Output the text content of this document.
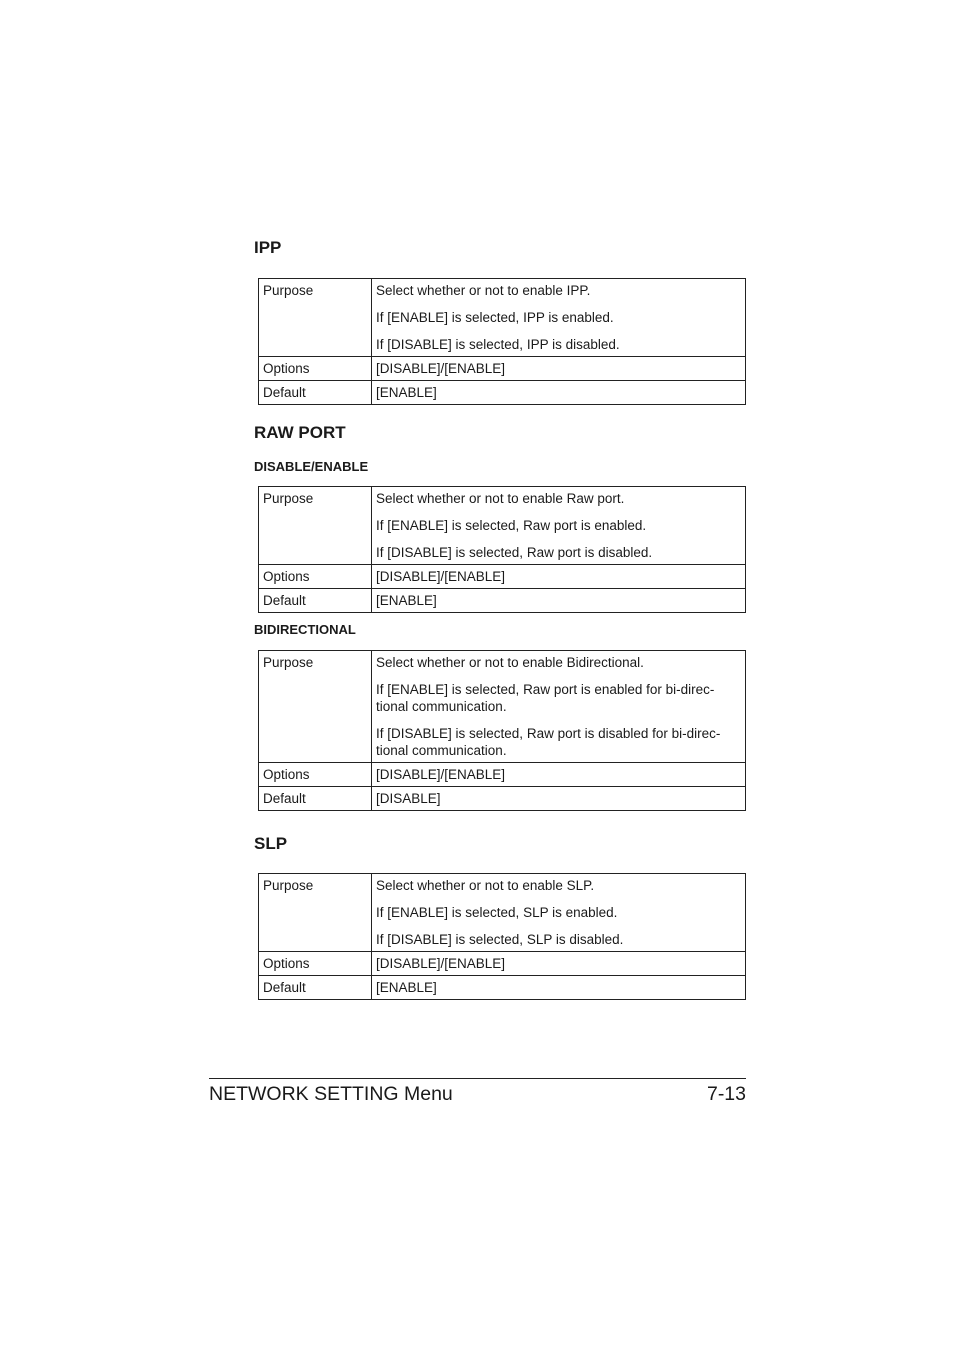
IPP
Purpose	Select whether or not to enable IPP.

If [ENABLE] is selected, IPP is enabled.

If [DISABLE] is selected, IPP is disabled.

Options	[DISABLE]/[ENABLE]
Default	[ENABLE]
RAW PORT
DISABLE/ENABLE
Purpose	Select whether or not to enable Raw port.

If [ENABLE] is selected, Raw port is enabled.

If [DISABLE] is selected, Raw port is disabled.

Options	[DISABLE]/[ENABLE]
Default	[ENABLE]
BIDIRECTIONAL
Purpose	Select whether or not to enable Bidirectional.

If [ENABLE] is selected, Raw port is enabled for bi-direc-tional communication.

If [DISABLE] is selected, Raw port is disabled for bi-direc-tional communication.

Options	[DISABLE]/[ENABLE]
Default	[DISABLE]
SLP
Purpose	Select whether or not to enable SLP.

If [ENABLE] is selected, SLP is enabled.

If [DISABLE] is selected, SLP is disabled.

Options	[DISABLE]/[ENABLE]
Default	[ENABLE]
NETWORK SETTING Menu	7-13
